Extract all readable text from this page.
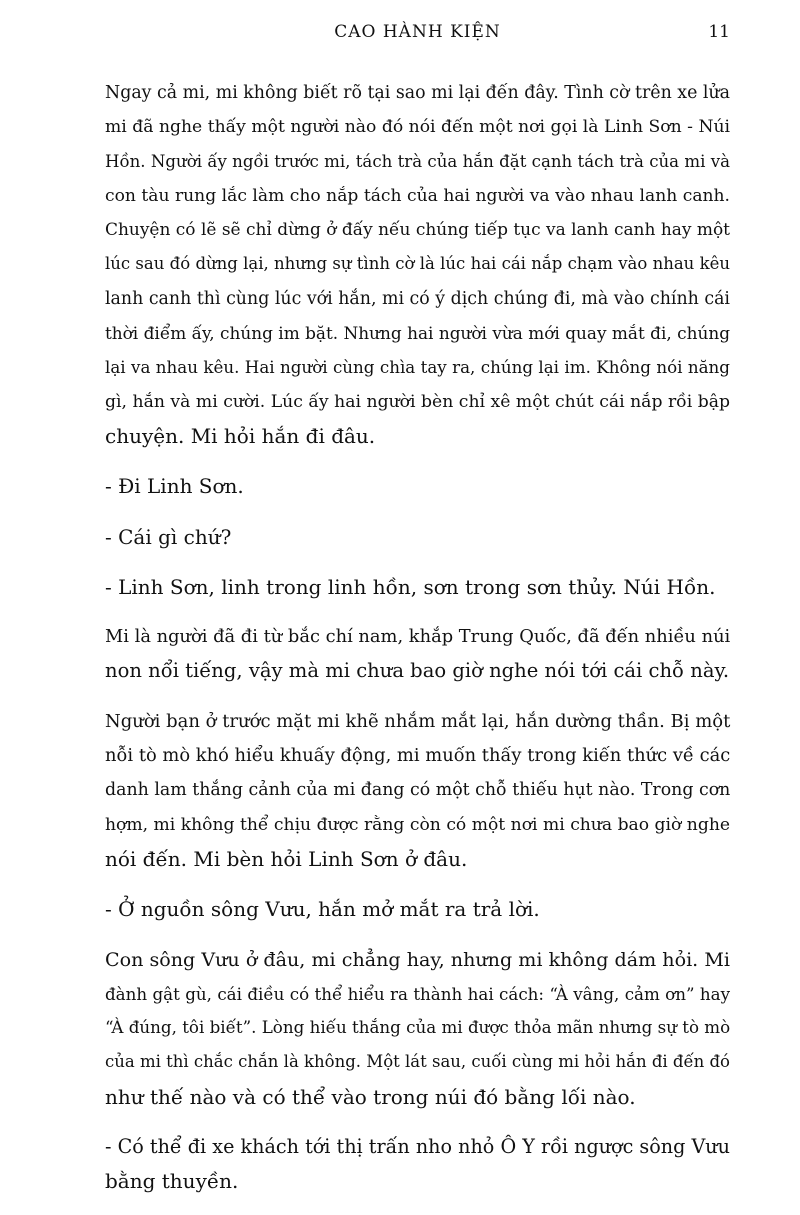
CAO HÀNH KIỆN	11

Ngay cả mi, mi không biết rõ tại sao mi lại đến đây. Tình cờ trên xe lửa
mi đã nghe thấy một người nào đó nói đến một nơi gọi là Linh Sơn - Núi
Hồn. Người ấy ngồi trước mi, tách trà của hắn đặt cạnh tách trà của mi và
con tàu rung lắc làm cho nắp tách của hai người va vào nhau lanh canh.
Chuyện có lẽ sẽ chỉ dừng ở đấy nếu chúng tiếp tục va lanh canh hay một
lúc sau đó dừng lại, nhưng sự tình cờ là lúc hai cái nắp chạm vào nhau kêu
lanh canh thì cùng lúc với hắn, mi có ý dịch chúng đi, mà vào chính cái
thời điểm ấy, chúng im bặt. Nhưng hai người vừa mới quay mắt đi, chúng
lại va nhau kêu. Hai người cùng chìa tay ra, chúng lại im. Không nói năng
gì, hắn và mi cười. Lúc ấy hai người bèn chỉ xê một chút cái nắp rồi bập
chuyện. Mi hỏi hắn đi đâu.

- Đi Linh Sơn.

- Cái gì chứ?

- Linh Sơn, linh trong linh hồn, sơn trong sơn thủy. Núi Hồn.

Mi là người đã đi từ bắc chí nam, khắp Trung Quốc, đã đến nhiều núi
non nổi tiếng, vậy mà mi chưa bao giờ nghe nói tới cái chỗ này.

Người bạn ở trước mặt mi khẽ nhắm mắt lại, hắn dường thần. Bị một
nỗi tò mò khó hiểu khuấy động, mi muốn thấy trong kiến thức về các
danh lam thắng cảnh của mi đang có một chỗ thiếu hụt nào. Trong cơn
hợm, mi không thể chịu được rằng còn có một nơi mi chưa bao giờ nghe
nói đến. Mi bèn hỏi Linh Sơn ở đâu.

- Ở nguồn sông Vưu, hắn mở mắt ra trả lời.

Con sông Vưu ở đâu, mi chẳng hay, nhưng mi không dám hỏi. Mi
đành gật gù, cái điều có thể hiểu ra thành hai cách: “À vâng, cảm ơn” hay
“À đúng, tôi biết”. Lòng hiếu thắng của mi được thỏa mãn nhưng sự tò mò
của mi thì chắc chắn là không. Một lát sau, cuối cùng mi hỏi hắn đi đến đó
như thế nào và có thể vào trong núi đó bằng lối nào.

- Có thể đi xe khách tới thị trấn nho nhỏ Ô Y rồi ngược sông Vưu
bằng thuyền.
